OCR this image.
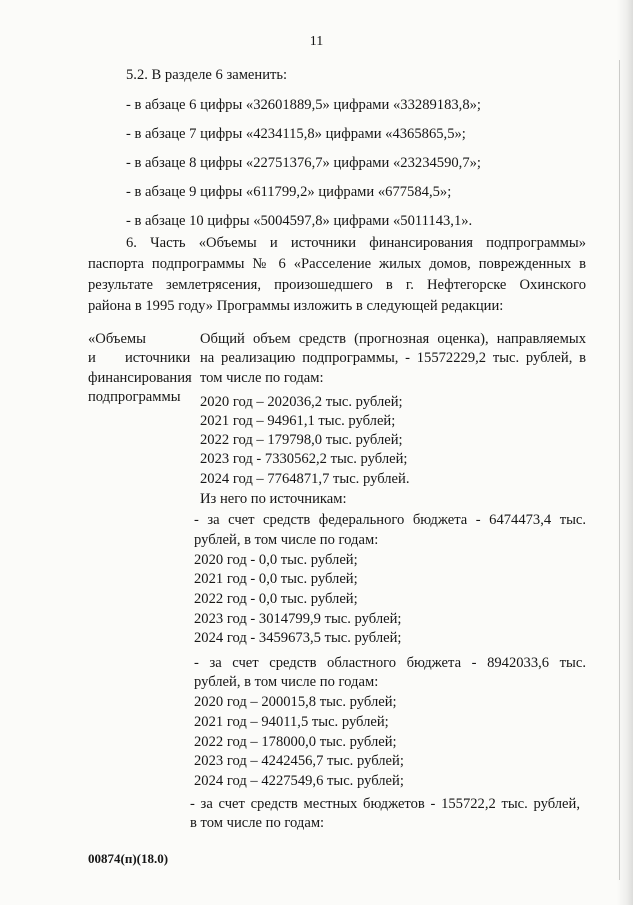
11
5.2. В разделе 6 заменить:
- в абзаце 6 цифры «32601889,5» цифрами «33289183,8»;
- в абзаце 7 цифры «4234115,8» цифрами «4365865,5»;
- в абзаце 8 цифры «22751376,7» цифрами «23234590,7»;
- в абзаце 9 цифры «611799,2» цифрами «677584,5»;
- в абзаце 10 цифры «5004597,8» цифрами «5011143,1».
6. Часть «Объемы и источники финансирования подпрограммы»
паспорта подпрограммы № 6 «Расселение жилых домов, поврежденных в
результате землетрясения, произошедшего в г. Нефтегорске Охинского
района в 1995 году» Программы изложить в следующей редакции:
«Объемы
и источники
финансирования
подпрограммы
Общий объем средств (прогнозная оценка), направляемых
на реализацию подпрограммы, - 15572229,2 тыс. рублей, в
том числе по годам:
2020 год – 202036,2 тыс. рублей;
2021 год – 94961,1 тыс. рублей;
2022 год – 179798,0 тыс. рублей;
2023 год - 7330562,2 тыс. рублей;
2024 год – 7764871,7 тыс. рублей.
Из него по источникам:
- за счет средств федерального бюджета - 6474473,4 тыс.
рублей, в том числе по годам:
2020 год - 0,0 тыс. рублей;
2021 год - 0,0 тыс. рублей;
2022 год - 0,0 тыс. рублей;
2023 год - 3014799,9 тыс. рублей;
2024 год - 3459673,5 тыс. рублей;
- за счет средств областного бюджета - 8942033,6 тыс.
рублей, в том числе по годам:
2020 год – 200015,8 тыс. рублей;
2021 год – 94011,5 тыс. рублей;
2022 год – 178000,0 тыс. рублей;
2023 год – 4242456,7 тыс. рублей;
2024 год – 4227549,6 тыс. рублей;
- за счет средств местных бюджетов - 155722,2 тыс. рублей,
в том числе по годам:
00874(п)(18.0)
